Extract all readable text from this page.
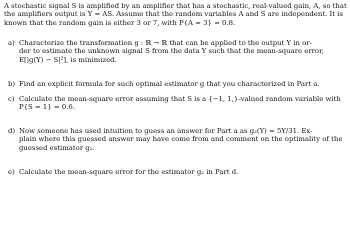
A stochastic signal S is amplified by an amplifier that has a stochastic, real-valued gain, A, so that
the amplifiers output is Y = AS. Assume that the random variables A and S are independent. It is
known that the random gain is either 3 or 7, with P{A = 3} = 0.8.

a) Characterize the transformation g : ℝ → ℝ that can be applied to the output Y in or-
der to estimate the unknown signal S from the data Y such that the mean-square error,
E[|g(Y) − S|²], is minimized.
b) Find an explicit formula for such optimal estimator g that you characterized in Part a.
c) Calculate the mean-square error assuming that S is a {−1, 1,}-valued random variable with
P{S = 1} = 0.6.
d) Now someone has used intuition to guess an answer for Part a as g₂(Y) = 5Y/31. Ex-
plain where this guessed answer may have come from and comment on the optimality of the
guessed estimator g₂.
e) Calculate the mean-square error for the estimator g₂ in Part d.
